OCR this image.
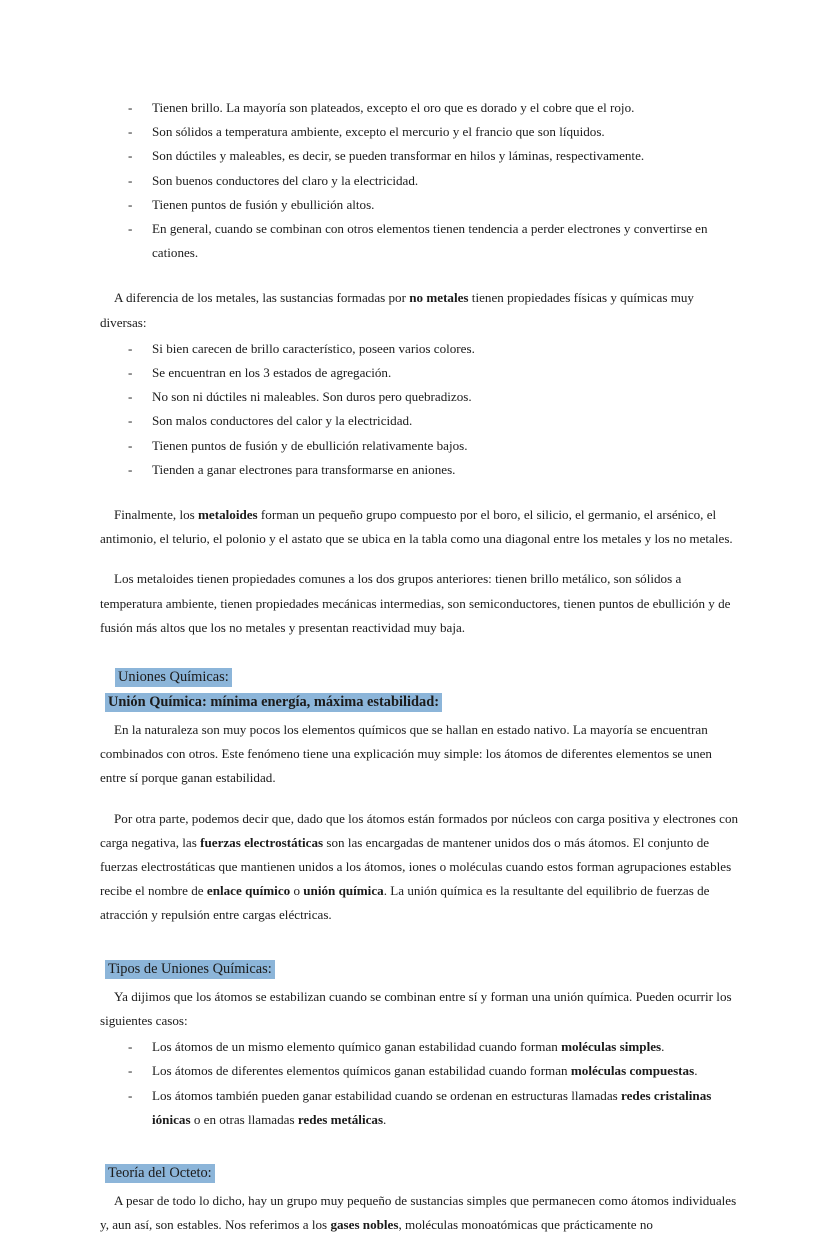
- Tienen brillo. La mayoría son plateados, excepto el oro que es dorado y el cobre que el rojo.
- Son sólidos a temperatura ambiente, excepto el mercurio y el francio que son líquidos.
- Son dúctiles y maleables, es decir, se pueden transformar en hilos y láminas, respectivamente.
- Son buenos conductores del claro y la electricidad.
- Tienen puntos de fusión y ebullición altos.
- En general, cuando se combinan con otros elementos tienen tendencia a perder electrones y convertirse en cationes.

A diferencia de los metales, las sustancias formadas por no metales tienen propiedades físicas y químicas muy diversas:

- Si bien carecen de brillo característico, poseen varios colores.
- Se encuentran en los 3 estados de agregación.
- No son ni dúctiles ni maleables. Son duros pero quebradizos.
- Son malos conductores del calor y la electricidad.
- Tienen puntos de fusión y de ebullición relativamente bajos.
- Tienden a ganar electrones para transformarse en aniones.

Finalmente, los metaloides forman un pequeño grupo compuesto por el boro, el silicio, el germanio, el arsénico, el antimonio, el telurio, el polonio y el astato que se ubica en la tabla como una diagonal entre los metales y los no metales.

Los metaloides tienen propiedades comunes a los dos grupos anteriores: tienen brillo metálico, son sólidos a temperatura ambiente, tienen propiedades mecánicas intermedias, son semiconductores, tienen puntos de ebullición y de fusión más altos que los no metales y presentan reactividad muy baja.

Uniones Químicas:
Unión Química: mínima energía, máxima estabilidad:

En la naturaleza son muy pocos los elementos químicos que se hallan en estado nativo. La mayoría se encuentran combinados con otros. Este fenómeno tiene una explicación muy simple: los átomos de diferentes elementos se unen entre sí porque ganan estabilidad.

Por otra parte, podemos decir que, dado que los átomos están formados por núcleos con carga positiva y electrones con carga negativa, las fuerzas electrostáticas son las encargadas de mantener unidos dos o más átomos. El conjunto de fuerzas electrostáticas que mantienen unidos a los átomos, iones o moléculas cuando estos forman agrupaciones estables recibe el nombre de enlace químico o unión química. La unión química es la resultante del equilibrio de fuerzas de atracción y repulsión entre cargas eléctricas.

Tipos de Uniones Químicas:

Ya dijimos que los átomos se estabilizan cuando se combinan entre sí y forman una unión química. Pueden ocurrir los siguientes casos:

- Los átomos de un mismo elemento químico ganan estabilidad cuando forman moléculas simples.
- Los átomos de diferentes elementos químicos ganan estabilidad cuando forman moléculas compuestas.
- Los átomos también pueden ganar estabilidad cuando se ordenan en estructuras llamadas redes cristalinas iónicas o en otras llamadas redes metálicas.
Teoría del Octeto:

A pesar de todo lo dicho, hay un grupo muy pequeño de sustancias simples que permanecen como átomos individuales y, aun así, son estables. Nos referimos a los gases nobles, moléculas monoatómicas que prácticamente no
